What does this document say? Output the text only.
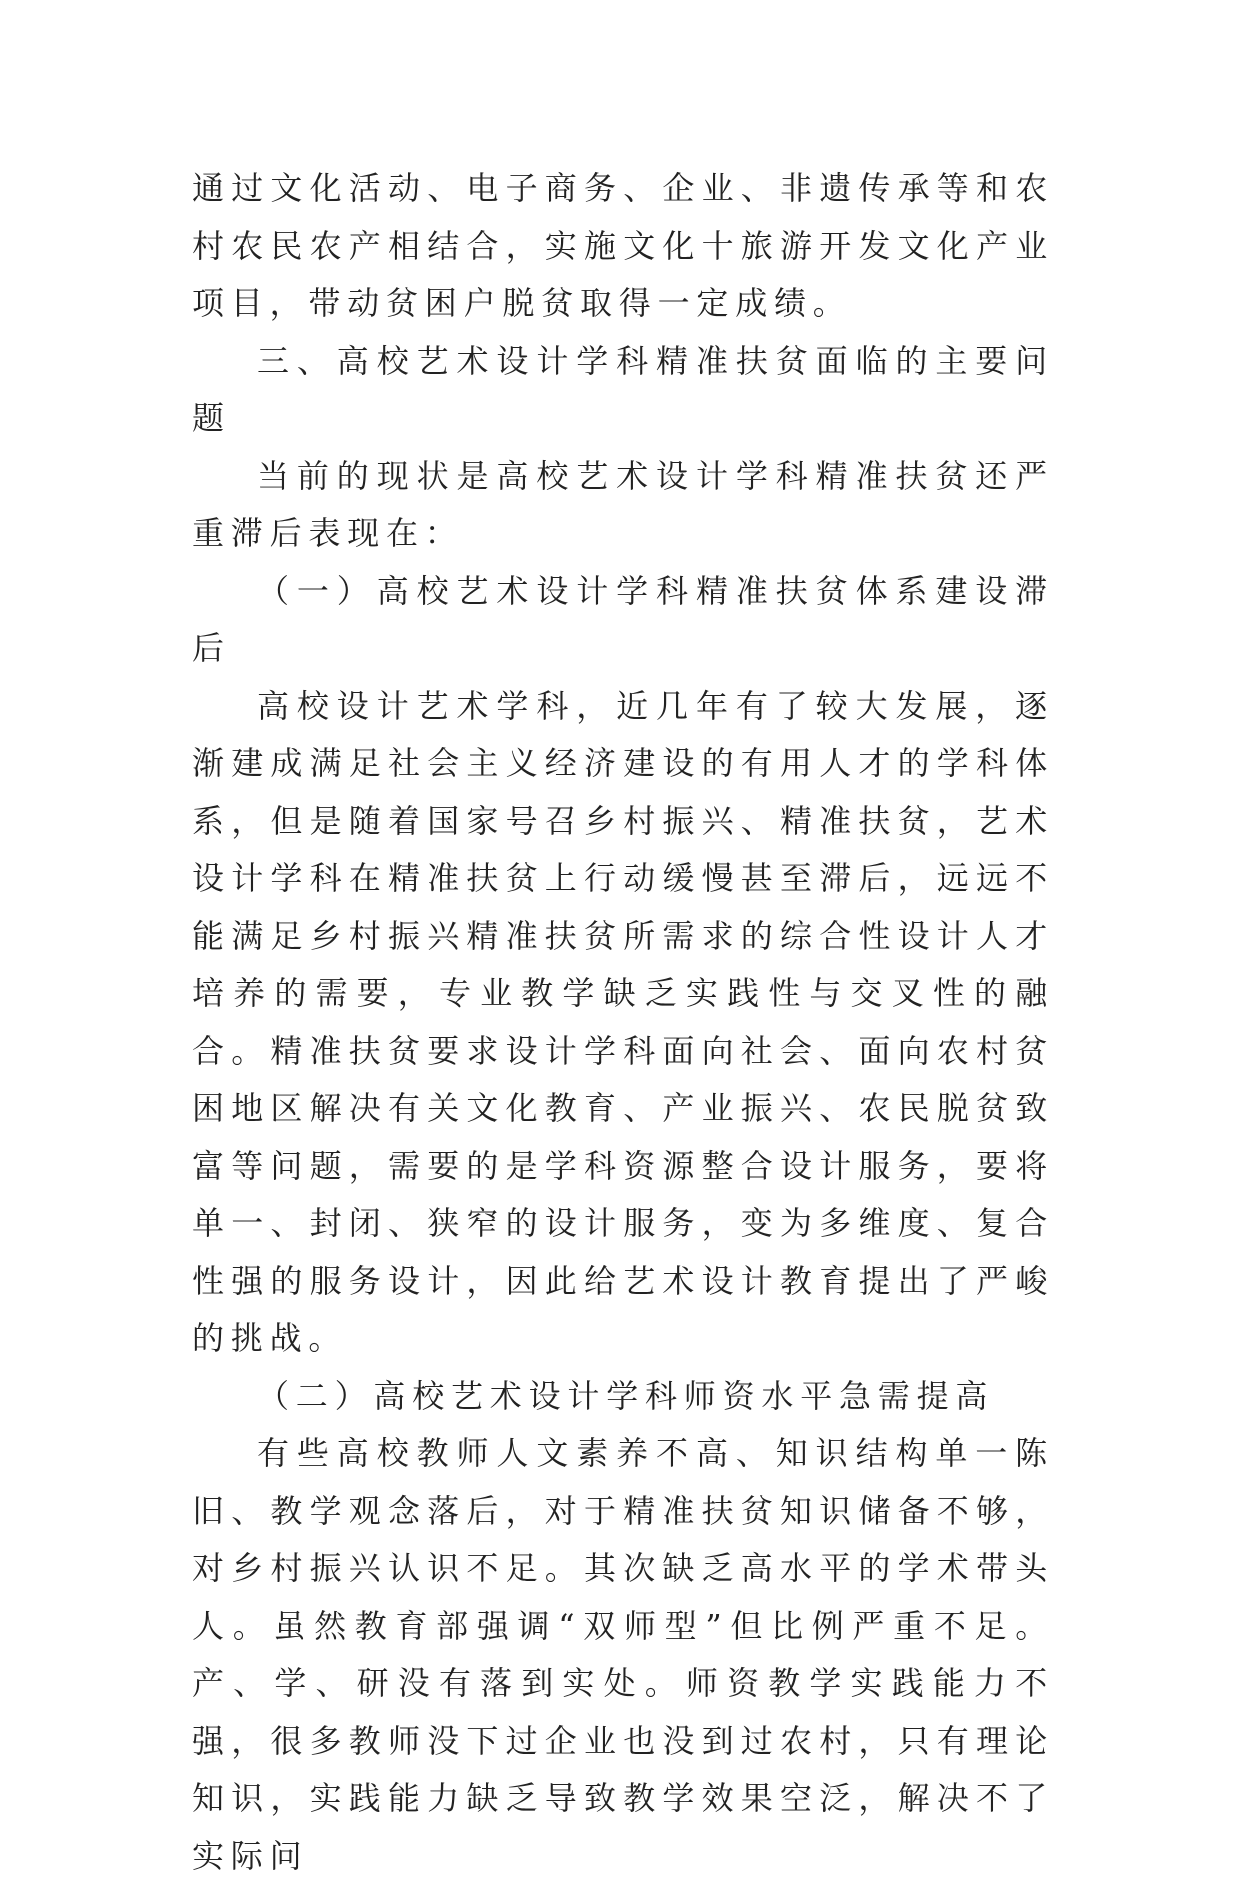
通过文化活动、电子商务、企业、非遗传承等和农村农民农产相结合，实施文化十旅游开发文化产业项目，带动贫困户脱贫取得一定成绩。

三、高校艺术设计学科精准扶贫面临的主要问题

当前的现状是高校艺术设计学科精准扶贫还严重滞后表现在：

（一）高校艺术设计学科精准扶贫体系建设滞后

高校设计艺术学科，近几年有了较大发展，逐渐建成满足社会主义经济建设的有用人才的学科体系，但是随着国家号召乡村振兴、精准扶贫，艺术设计学科在精准扶贫上行动缓慢甚至滞后，远远不能满足乡村振兴精准扶贫所需求的综合性设计人才培养的需要，专业教学缺乏实践性与交叉性的融合。精准扶贫要求设计学科面向社会、面向农村贫困地区解决有关文化教育、产业振兴、农民脱贫致富等问题，需要的是学科资源整合设计服务，要将单一、封闭、狭窄的设计服务，变为多维度、复合性强的服务设计，因此给艺术设计教育提出了严峻的挑战。

（二）高校艺术设计学科师资水平急需提高

有些高校教师人文素养不高、知识结构单一陈旧、教学观念落后，对于精准扶贫知识储备不够，对乡村振兴认识不足。其次缺乏高水平的学术带头人。虽然教育部强调“双师型”但比例严重不足。产、学、研没有落到实处。师资教学实践能力不强，很多教师没下过企业也没到过农村，只有理论知识，实践能力缺乏导致教学效果空泛，解决不了实际问
